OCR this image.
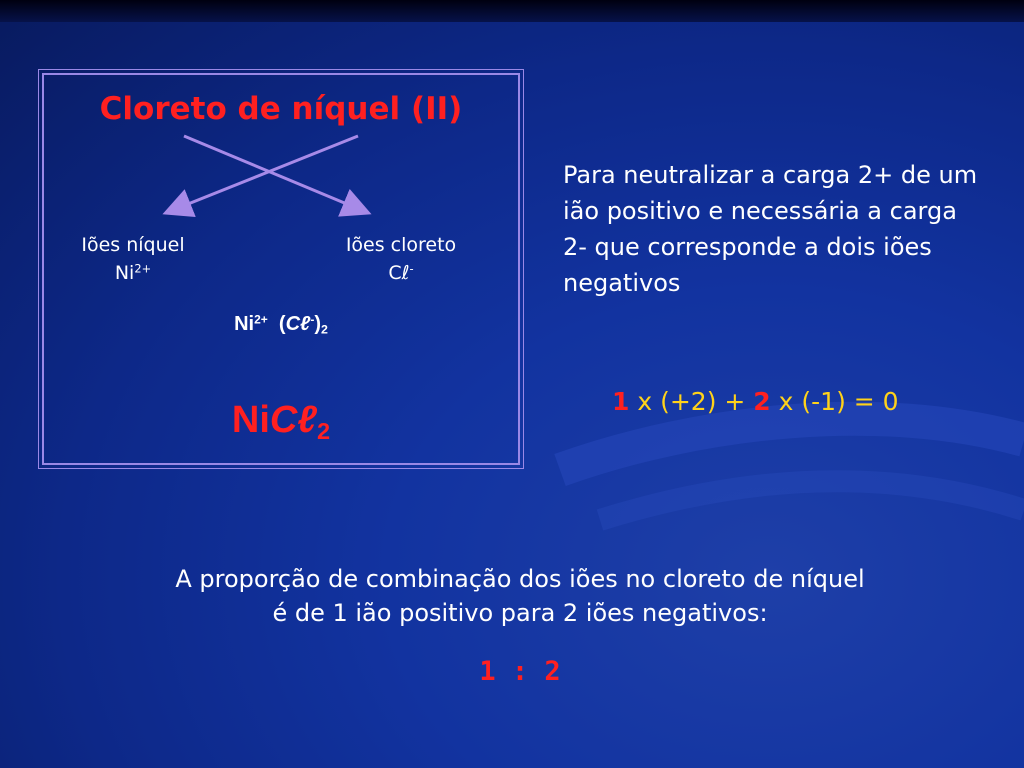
Cloreto de níquel (II)
Iões níquel
$Ni^{2+}$
Iões cloreto
Cℓ-
$Ni^{2+}$ $(C\ell^-)_2$
NiCℓ$_2$
Para neutralizar a carga 2+ de um ião positivo e necessária a carga 2- que corresponde a dois iões negativos
1 x (+2) + 2 x (-1) = 0
A proporção de combinação dos iões no cloreto de níquel
é de 1 ião positivo para 2 iões negativos:
1 : 2
